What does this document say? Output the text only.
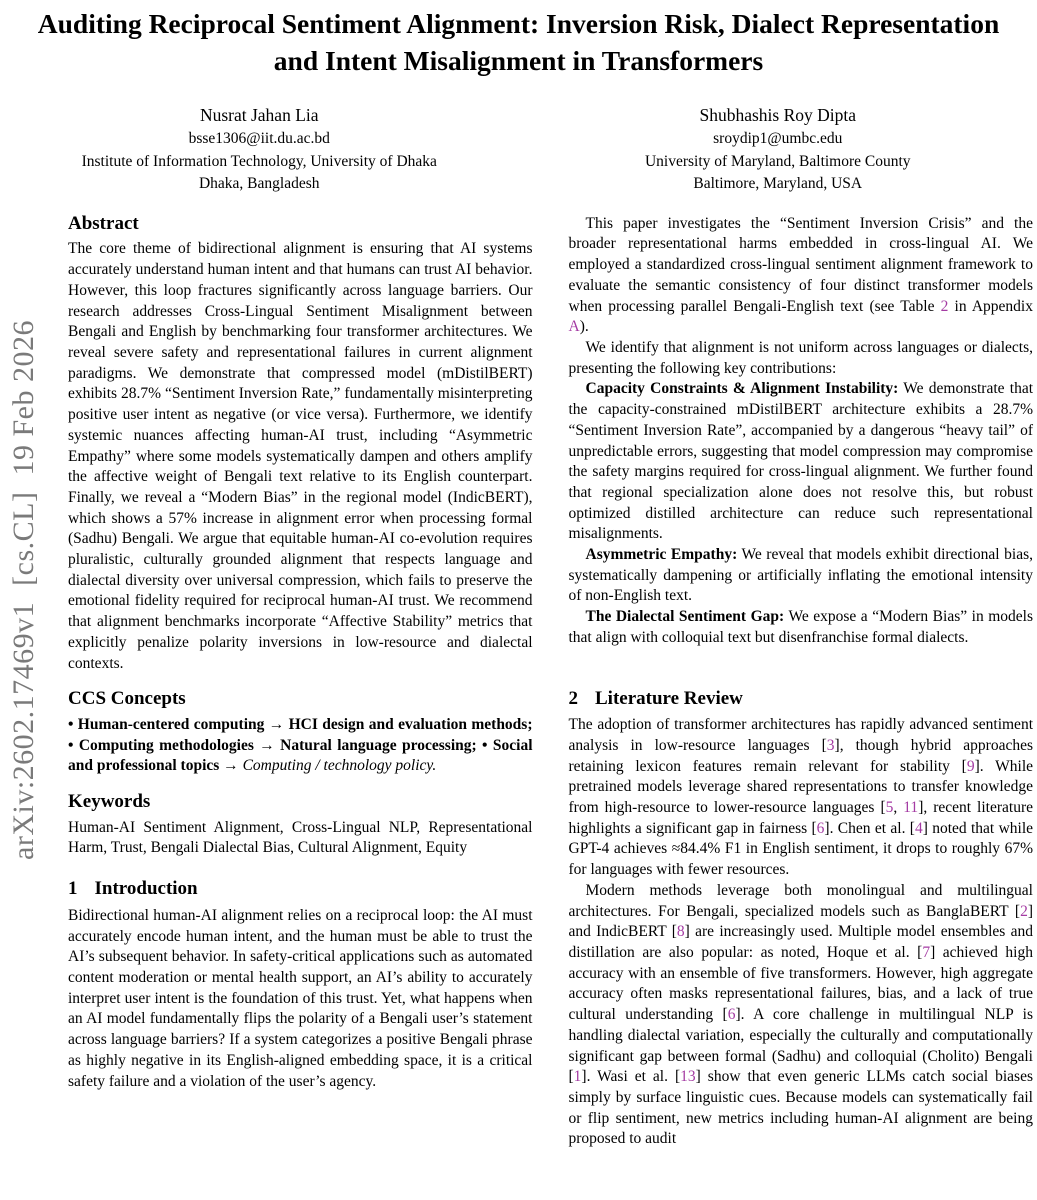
arXiv:2602.17469v1  [cs.CL]  19 Feb 2026
Auditing Reciprocal Sentiment Alignment: Inversion Risk, Dialect Representation and Intent Misalignment in Transformers
Nusrat Jahan Lia
bsse1306@iit.du.ac.bd
Institute of Information Technology, University of Dhaka
Dhaka, Bangladesh
Shubhashis Roy Dipta
sroydip1@umbc.edu
University of Maryland, Baltimore County
Baltimore, Maryland, USA
Abstract

The core theme of bidirectional alignment is ensuring that AI systems accurately understand human intent and that humans can trust AI behavior. However, this loop fractures significantly across language barriers. Our research addresses Cross-Lingual Sentiment Misalignment between Bengali and English by benchmarking four transformer architectures. We reveal severe safety and representational failures in current alignment paradigms. We demonstrate that compressed model (mDistilBERT) exhibits 28.7% “Sentiment Inversion Rate,” fundamentally misinterpreting positive user intent as negative (or vice versa). Furthermore, we identify systemic nuances affecting human-AI trust, including “Asymmetric Empathy” where some models systematically dampen and others amplify the affective weight of Bengali text relative to its English counterpart. Finally, we reveal a “Modern Bias” in the regional model (IndicBERT), which shows a 57% increase in alignment error when processing formal (Sadhu) Bengali. We argue that equitable human-AI co-evolution requires pluralistic, culturally grounded alignment that respects language and dialectal diversity over universal compression, which fails to preserve the emotional fidelity required for reciprocal human-AI trust. We recommend that alignment benchmarks incorporate “Affective Stability” metrics that explicitly penalize polarity inversions in low-resource and dialectal contexts.

CCS Concepts

• Human-centered computing → HCI design and evaluation methods; • Computing methodologies → Natural language processing; • Social and professional topics → Computing / technology policy.

Keywords

Human-AI Sentiment Alignment, Cross-Lingual NLP, Representational Harm, Trust, Bengali Dialectal Bias, Cultural Alignment, Equity

1 Introduction

Bidirectional human-AI alignment relies on a reciprocal loop: the AI must accurately encode human intent, and the human must be able to trust the AI’s subsequent behavior. In safety-critical applications such as automated content moderation or mental health support, an AI’s ability to accurately interpret user intent is the foundation of this trust. Yet, what happens when an AI model fundamentally flips the polarity of a Bengali user’s statement across language barriers? If a system categorizes a positive Bengali phrase as highly negative in its English-aligned embedding space, it is a critical safety failure and a violation of the user’s agency.

This paper investigates the “Sentiment Inversion Crisis” and the broader representational harms embedded in cross-lingual AI. We employed a standardized cross-lingual sentiment alignment framework to evaluate the semantic consistency of four distinct transformer models when processing parallel Bengali-English text (see Table 2 in Appendix A).

We identify that alignment is not uniform across languages or dialects, presenting the following key contributions:

Capacity Constraints & Alignment Instability: We demonstrate that the capacity-constrained mDistilBERT architecture exhibits a 28.7% “Sentiment Inversion Rate”, accompanied by a dangerous “heavy tail” of unpredictable errors, suggesting that model compression may compromise the safety margins required for cross-lingual alignment. We further found that regional specialization alone does not resolve this, but robust optimized distilled architecture can reduce such representational misalignments.

Asymmetric Empathy: We reveal that models exhibit directional bias, systematically dampening or artificially inflating the emotional intensity of non-English text.

The Dialectal Sentiment Gap: We expose a “Modern Bias” in models that align with colloquial text but disenfranchise formal dialects.

2 Literature Review

The adoption of transformer architectures has rapidly advanced sentiment analysis in low-resource languages [3], though hybrid approaches retaining lexicon features remain relevant for stability [9]. While pretrained models leverage shared representations to transfer knowledge from high-resource to lower-resource languages [5, 11], recent literature highlights a significant gap in fairness [6]. Chen et al. [4] noted that while GPT-4 achieves ≈84.4% F1 in English sentiment, it drops to roughly 67% for languages with fewer resources.

Modern methods leverage both monolingual and multilingual architectures. For Bengali, specialized models such as BanglaBERT [2] and IndicBERT [8] are increasingly used. Multiple model ensembles and distillation are also popular: as noted, Hoque et al. [7] achieved high accuracy with an ensemble of five transformers. However, high aggregate accuracy often masks representational failures, bias, and a lack of true cultural understanding [6]. A core challenge in multilingual NLP is handling dialectal variation, especially the culturally and computationally significant gap between formal (Sadhu) and colloquial (Cholito) Bengali [1]. Wasi et al. [13] show that even generic LLMs catch social biases simply by surface linguistic cues. Because models can systematically fail or flip sentiment, new metrics including human-AI alignment are being proposed to audit
